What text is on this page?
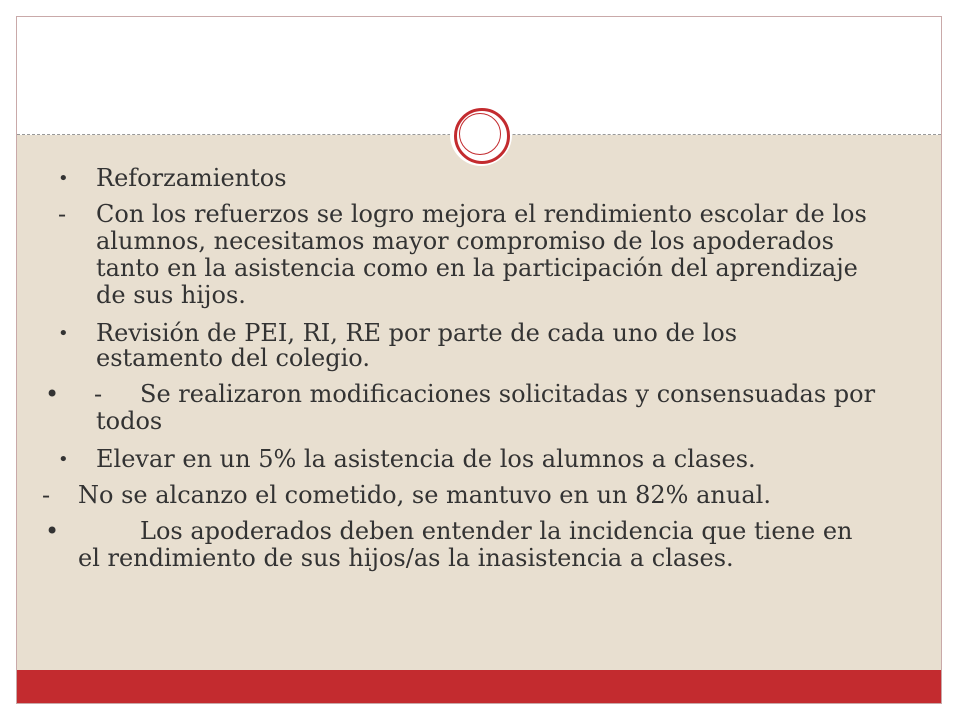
• Reforzamientos
- Con los refuerzos se logro mejora el rendimiento escolar de los
alumnos, necesitamos mayor compromiso de los apoderados
tanto en la asistencia como en la participación del aprendizaje
de sus hijos.
• Revisión de PEI, RI, RE por parte de cada uno de los
estamento del colegio.
• - Se realizaron modificaciones solicitadas y consensuadas por
todos
• Elevar en un 5% la asistencia de los alumnos a clases.
- No se alcanzo el cometido, se mantuvo en un 82% anual.
•	Los apoderados deben entender la incidencia que tiene en
el rendimiento de sus hijos/as la inasistencia a clases.
